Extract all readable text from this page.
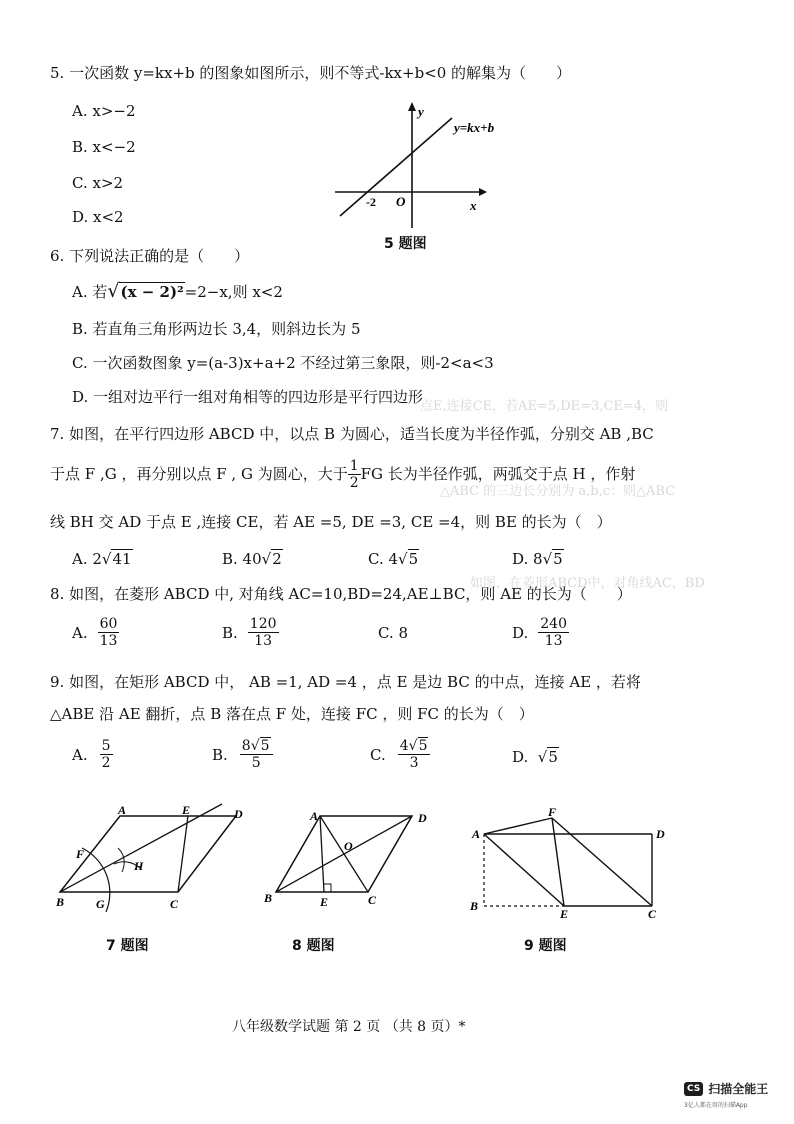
点E,连接CE，若AE=5,DE=3,CE=4，则
△ABC 的三边长分别为 a,b,c：则△ABC
如图，在菱形ABCD中，对角线AC，BD
5. 一次函数 y=kx+b 的图象如图所示，则不等式-kx+b<0 的解集为（　　）
A. x>−2
B. x<−2
C. x>2
D. x<2
y
x
O
-2
y=kx+b
5 题图
6. 下列说法正确的是（　　）
A. 若√(x − 2)²=2−x,则 x<2
B. 若直角三角形两边长 3,4，则斜边长为 5
C. 一次函数图象 y=(a-3)x+a+2 不经过第三象限，则-2<a<3
D. 一组对边平行一组对角相等的四边形是平行四边形
7. 如图，在平行四边形 ABCD 中，以点 B 为圆心，适当长度为半径作弧，分别交 AB ,BC
于点 F ,G ，再分别以点 F , G 为圆心，大于 $\frac{1}{2}$ FG 长为半径作弧，两弧交于点 H ，作射
线 BH 交 AD 于点 E ,连接 CE，若 AE =5, DE =3, CE =4，则 BE 的长为（　）
A. 2√41	B. 40√2	C. 4√5	D. 8√5
8. 如图，在菱形 ABCD 中, 对角线 AC=10,BD=24,AE⊥BC，则 AE 的长为（　　）
A. $\frac{60}{13}$	B. $\frac{120}{13}$	C. 8	D. $\frac{240}{13}$
9. 如图，在矩形 ABCD 中， AB =1, AD =4 ，点 E 是边 BC 的中点，连接 AE ，若将
△ABE 沿 AE 翻折，点 B 落在点 F 处，连接 FC ，则 FC 的长为（　）
A. $\frac{5}{2}$	B. $\frac{8√5}{5}$	C. $\frac{4√5}{3}$	D.  √5
A	E	D
F
H
B	G	C
7 题图
A	D
O
B	C
E
8 题图
A
F
D
B
E	C
9 题图
八年级数学试题 第 2 页 （共 8 页）*
CS 扫描全能王
3亿人都在用的扫描App
